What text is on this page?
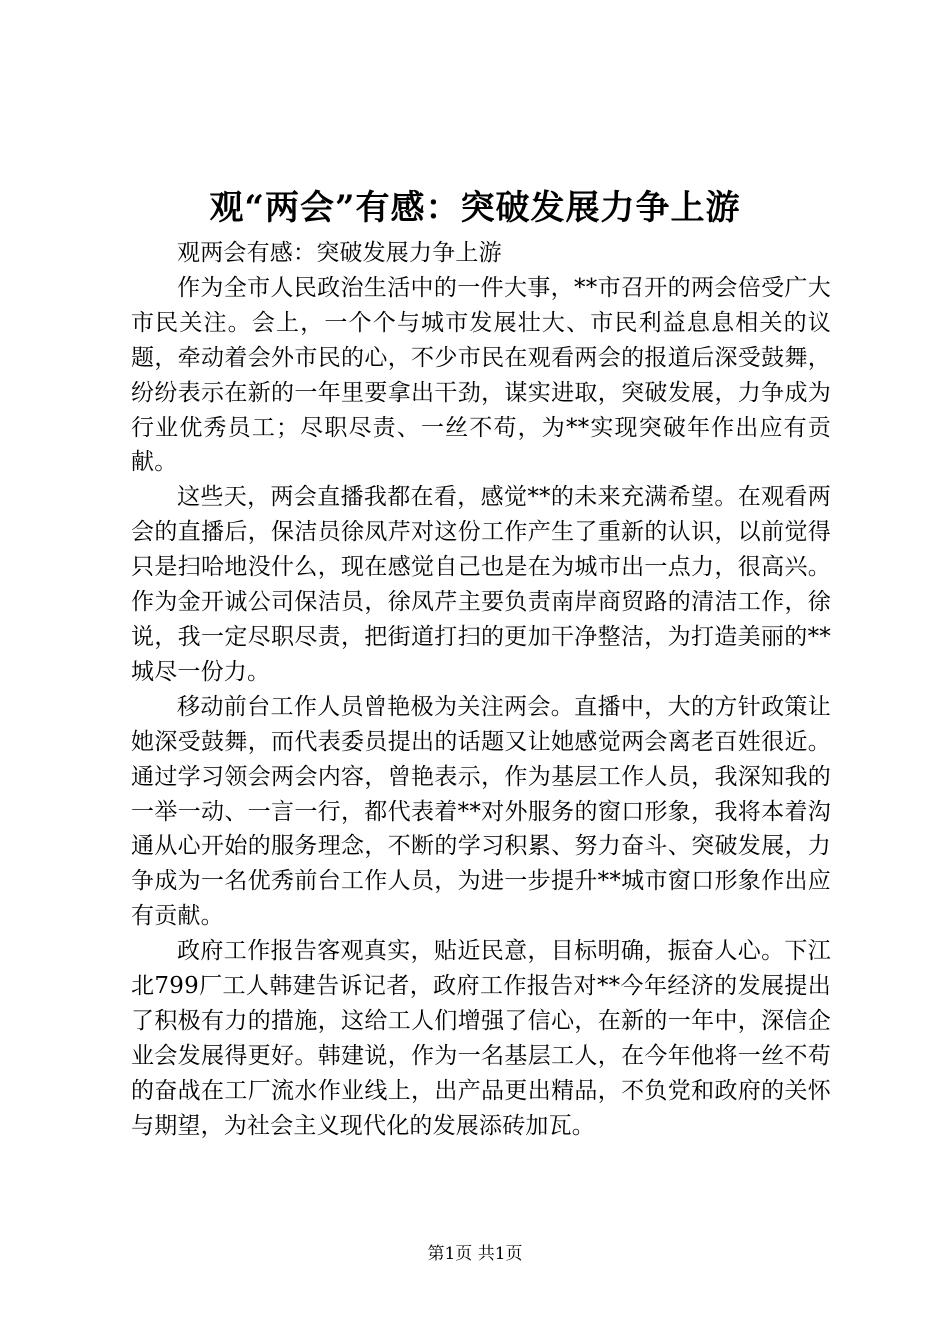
观“两会”有感：突破发展力争上游

观两会有感：突破发展力争上游

作为全市人民政治生活中的一件大事，**市召开的两会倍受广大市民关注。会上，一个个与城市发展壮大、市民利益息息相关的议题，牵动着会外市民的心，不少市民在观看两会的报道后深受鼓舞，纷纷表示在新的一年里要拿出干劲，谋实进取，突破发展，力争成为行业优秀员工；尽职尽责、一丝不苟，为**实现突破年作出应有贡献。

这些天，两会直播我都在看，感觉**的未来充满希望。在观看两会的直播后，保洁员徐凤芹对这份工作产生了重新的认识，以前觉得只是扫哈地没什么，现在感觉自己也是在为城市出一点力，很高兴。作为金开诚公司保洁员，徐凤芹主要负责南岸商贸路的清洁工作，徐说，我一定尽职尽责，把街道打扫的更加干净整洁，为打造美丽的**城尽一份力。

移动前台工作人员曾艳极为关注两会。直播中，大的方针政策让她深受鼓舞，而代表委员提出的话题又让她感觉两会离老百姓很近。通过学习领会两会内容，曾艳表示，作为基层工作人员，我深知我的一举一动、一言一行，都代表着**对外服务的窗口形象，我将本着沟通从心开始的服务理念，不断的学习积累、努力奋斗、突破发展，力争成为一名优秀前台工作人员，为进一步提升**城市窗口形象作出应有贡献。

政府工作报告客观真实，贴近民意，目标明确，振奋人心。下江北799厂工人韩建告诉记者，政府工作报告对**今年经济的发展提出了积极有力的措施，这给工人们增强了信心，在新的一年中，深信企业会发展得更好。韩建说，作为一名基层工人，在今年他将一丝不苟的奋战在工厂流水作业线上，出产品更出精品，不负党和政府的关怀与期望，为社会主义现代化的发展添砖加瓦。

第1页 共1页
